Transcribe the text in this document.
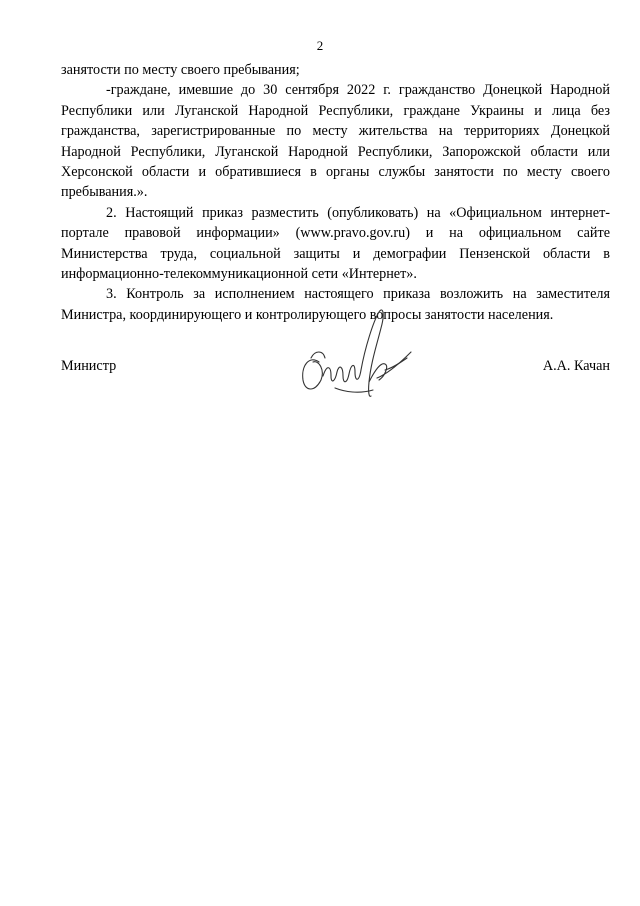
2

занятости по месту своего пребывания;

-граждане, имевшие до 30 сентября 2022 г. гражданство Донецкой Народной Республики или Луганской Народной Республики, граждане Украины и лица без гражданства, зарегистрированные по месту жительства на территориях Донецкой Народной Республики, Луганской Народной Республики, Запорожской области или Херсонской области и обратившиеся в органы службы занятости по месту своего пребывания.».

2. Настоящий приказ разместить (опубликовать) на «Официальном интернет-портале правовой информации» (www.pravo.gov.ru) и на официальном сайте Министерства труда, социальной защиты и демографии Пензенской области в информационно-телекоммуникационной сети «Интернет».

3. Контроль за исполнением настоящего приказа возложить на заместителя Министра, координирующего и контролирующего вопросы занятости населения.

Министр	А.А. Качан
